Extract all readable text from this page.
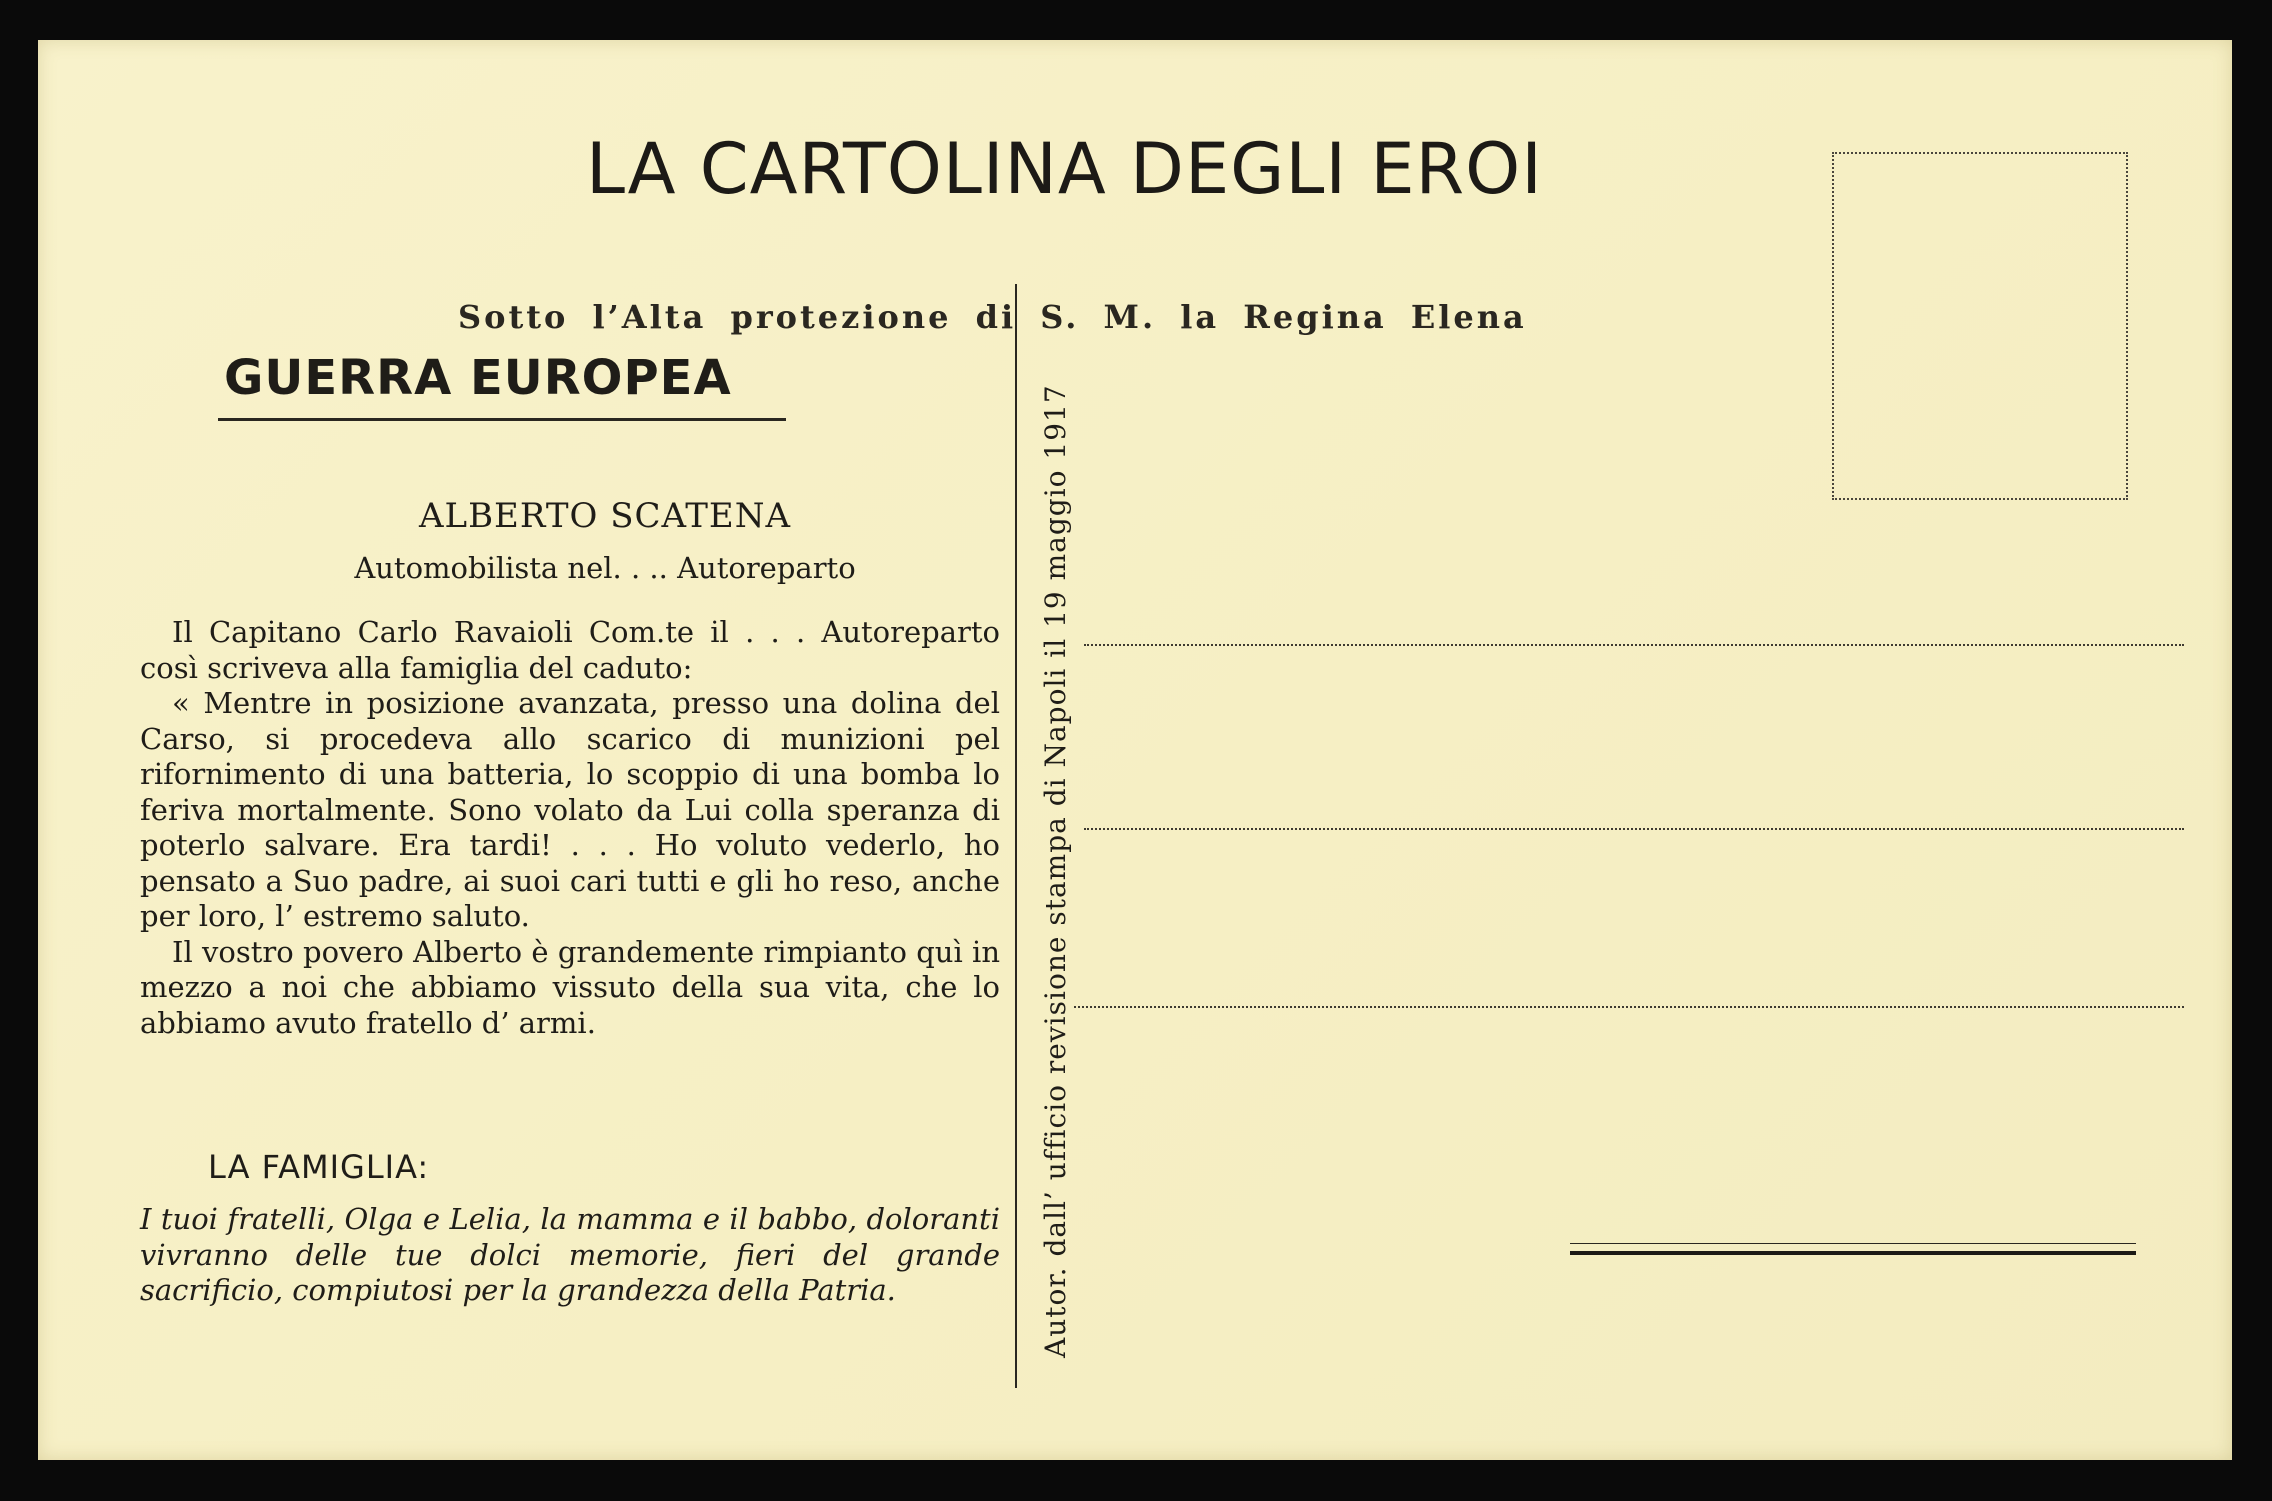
LA CARTOLINA DEGLI EROI
Sotto l’Alta protezione di S. M. la Regina Elena
GUERRA EUROPEA
ALBERTO SCATENA
Automobilista nel. . .. Autoreparto

Il Capitano Carlo Ravaioli Com.te il . . . Autoreparto così scriveva alla famiglia del caduto:

« Mentre in posizione avanzata, presso una dolina del Carso, si procedeva allo scarico di munizioni pel rifornimento di una batteria, lo scoppio di una bomba lo feriva mortalmente. Sono volato da Lui colla speranza di poterlo salvare. Era tardi! . . . Ho voluto vederlo, ho pensato a Suo padre, ai suoi cari tutti e gli ho reso, anche per loro, l’ estremo saluto.

Il vostro povero Alberto è grandemente rimpianto quì in mezzo a noi che abbiamo vissuto della sua vita, che lo abbiamo avuto fratello d’ armi.

LA FAMIGLIA:
I tuoi fratelli, Olga e Lelia, la mamma e il babbo, doloranti vivranno delle tue dolci memorie, fieri del grande sacrificio, compiutosi per la grandezza della Patria.	Autor. dall’ ufficio revisione stampa di Napoli il 19 maggio 1917
